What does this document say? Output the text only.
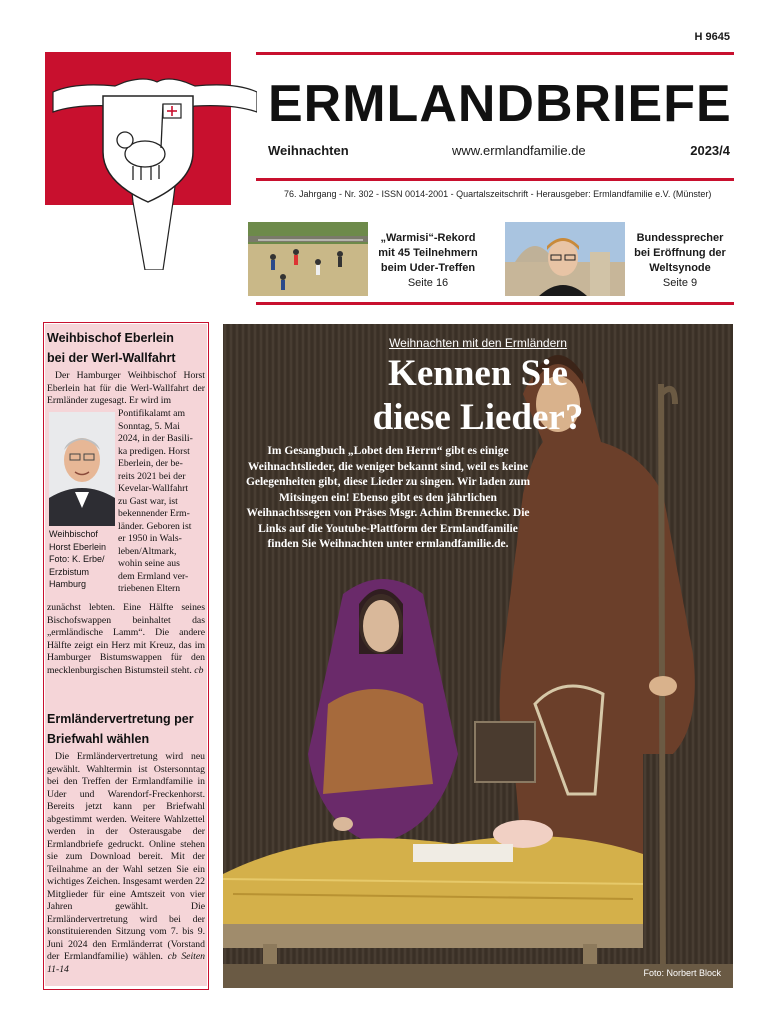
H 9645
ERMLANDBRIEFE
Weihnachten	www.ermlandfamilie.de	2023/4
76. Jahrgang - Nr. 302 - ISSN 0014-2001 - Quartalszeitschrift - Herausgeber: Ermlandfamilie e.V. (Münster)
„Warmisi“-Rekord
mit 45 Teilnehmern
beim Uder-Treffen
Seite 16
Bundessprecher
bei Eröffnung der
Weltsynode
Seite 9
Weihbischof Eberlein
bei der Werl-Wallfahrt
Der Hamburger Weihbischof Horst Eberlein hat für die Werl-Wallfahrt der Ermländer zugesagt. Er wird im
Pontifikalamt am
Sonntag, 5. Mai
2024, in der Basili-
ka predigen. Horst
Eberlein, der be-
reits 2021 bei der
Kevelar-Wallfahrt
zu Gast war, ist
bekennender Erm-
länder. Geboren ist
er 1950 in Wals-
leben/Altmark,
wohin seine aus
dem Ermland ver-
triebenen Eltern
Weihbischof Horst Eberlein Foto: K. Erbe/ Erzbistum Hamburg
zunächst lebten. Eine Hälfte seines Bischofswappen beinhaltet das „ermländische Lamm“. Die andere Hälfte zeigt ein Herz mit Kreuz, das im Hamburger Bistumswappen für den mecklenburgischen Bistumsteil steht. cb
Ermländervertretung per
Briefwahl wählen
Die Ermländervertretung wird neu gewählt. Wahltermin ist Ostersonntag bei den Treffen der Ermlandfamilie in Uder und Warendorf-Freckenhorst. Bereits jetzt kann per Briefwahl abgestimmt werden. Weitere Wahlzettel werden in der Osterausgabe der Ermlandbriefe gedruckt. Online stehen sie zum Download bereit. Mit der Teilnahme an der Wahl setzen Sie ein wichtiges Zeichen. Insgesamt werden 22 Mitglieder für eine Amtszeit von vier Jahren gewählt. Die Ermländervertretung wird bei der konstituierenden Sitzung vom 7. bis 9. Juni 2024 den Ermländerrat (Vorstand der Ermlandfamilie) wählen. cb Seiten 11-14
Weihnachten mit den Ermländern
Kennen Sie
diese Lieder?
Im Gesangbuch „Lobet den Herrn“ gibt es einige Weihnachtslieder, die weniger bekannt sind, weil es keine Gelegenheiten gibt, diese Lieder zu singen. Wir laden zum Mitsingen ein! Ebenso gibt es den jährlichen Weihnachtssegen von Präses Msgr. Achim Brennecke. Die Links auf die Youtube-Plattform der Ermlandfamilie finden Sie Weihnachten unter ermlandfamilie.de.
Foto: Norbert Block
